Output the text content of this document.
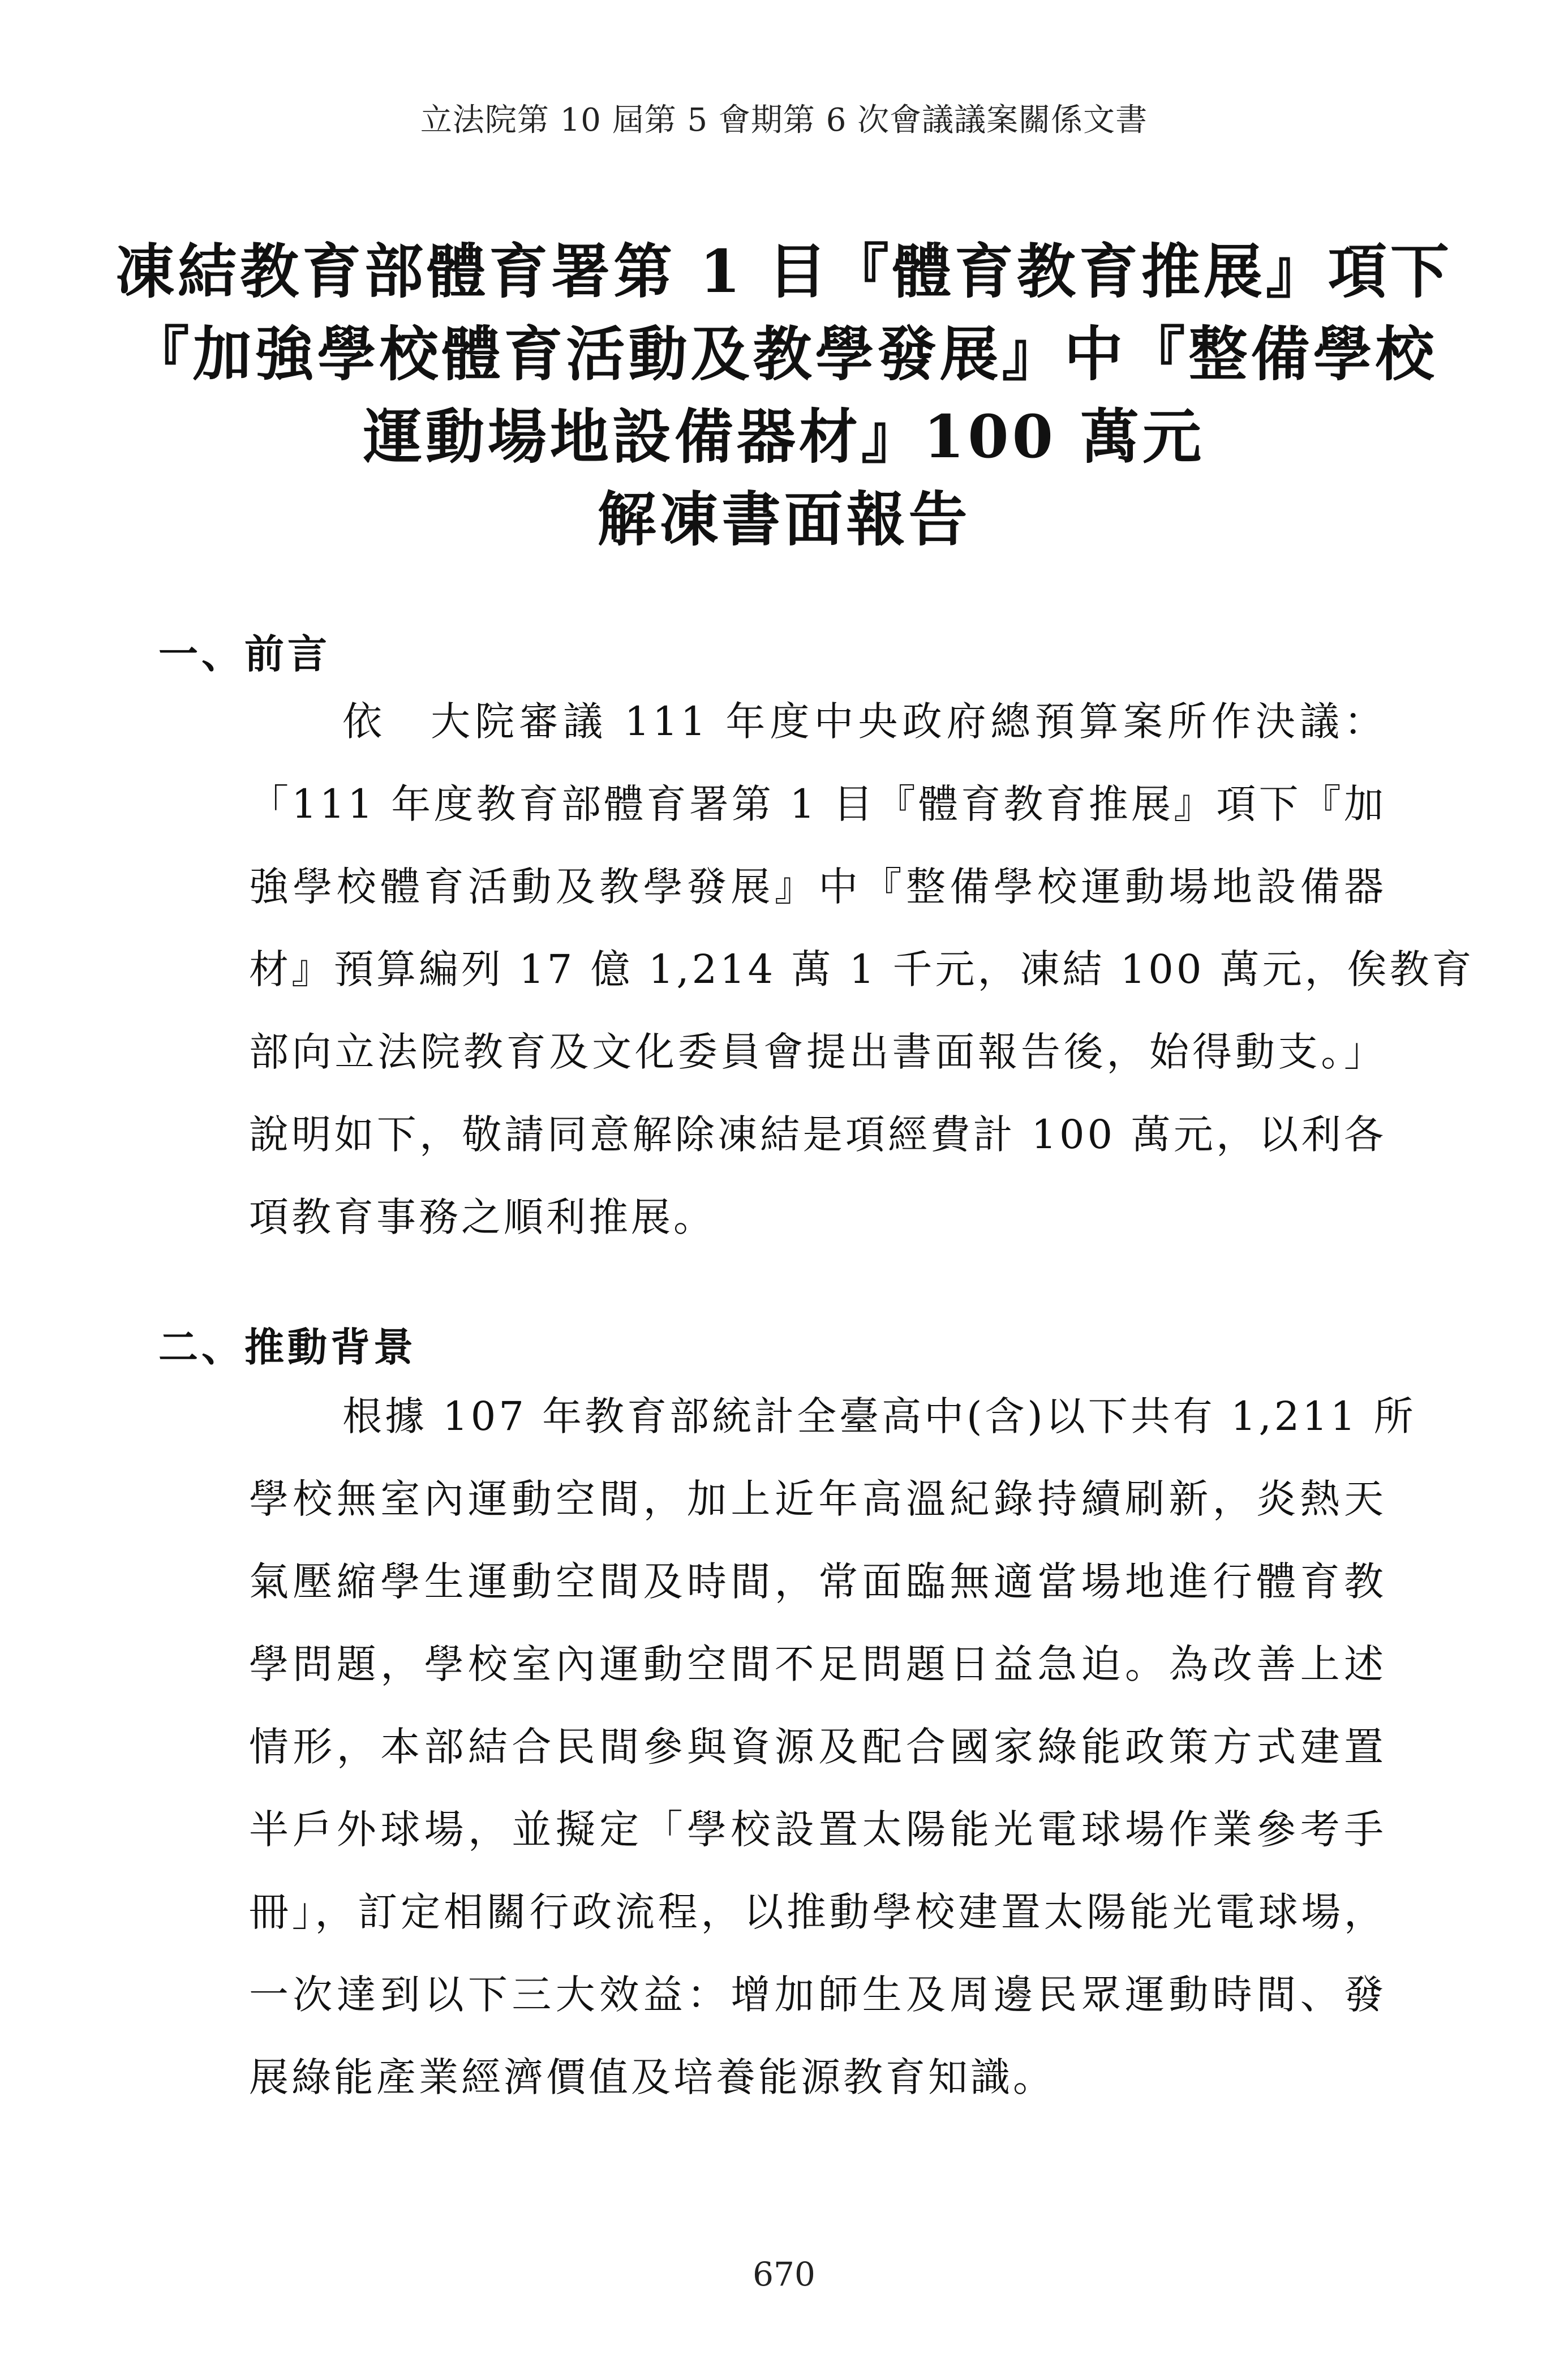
立法院第 10 屆第 5 會期第 6 次會議議案關係文書
凍結教育部體育署第 1 目『體育教育推展』項下
『加強學校體育活動及教學發展』中『整備學校
運動場地設備器材』100 萬元
解凍書面報告
一、前言
依　大院審議 111 年度中央政府總預算案所作決議：
「111 年度教育部體育署第 1 目『體育教育推展』項下『加
強學校體育活動及教學發展』中『整備學校運動場地設備器
材』預算編列 17 億 1,214 萬 1 千元，凍結 100 萬元，俟教育
部向立法院教育及文化委員會提出書面報告後，始得動支。」
說明如下，敬請同意解除凍結是項經費計 100 萬元，以利各
項教育事務之順利推展。
二、推動背景
根據 107 年教育部統計全臺高中(含)以下共有 1,211 所
學校無室內運動空間，加上近年高溫紀錄持續刷新，炎熱天
氣壓縮學生運動空間及時間，常面臨無適當場地進行體育教
學問題，學校室內運動空間不足問題日益急迫。為改善上述
情形，本部結合民間參與資源及配合國家綠能政策方式建置
半戶外球場，並擬定「學校設置太陽能光電球場作業參考手
冊」，訂定相關行政流程，以推動學校建置太陽能光電球場，
一次達到以下三大效益：增加師生及周邊民眾運動時間、發
展綠能產業經濟價值及培養能源教育知識。
670
